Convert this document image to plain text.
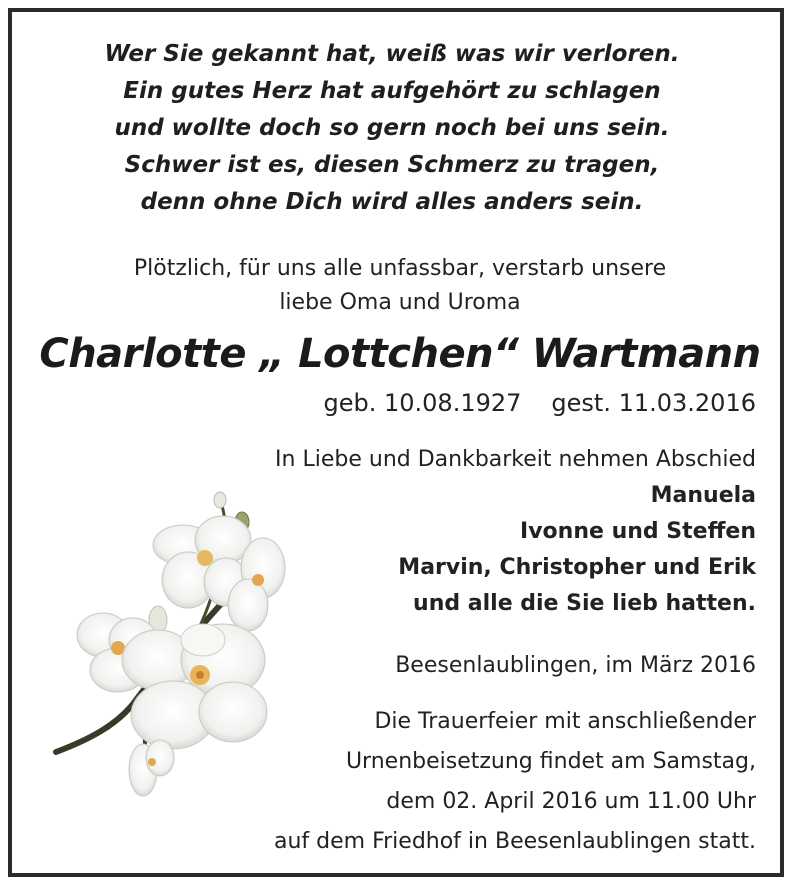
Wer Sie gekannt hat, weiß was wir verloren.
Ein gutes Herz hat aufgehört zu schlagen
und wollte doch so gern noch bei uns sein.
Schwer ist es, diesen Schmerz zu tragen,
denn ohne Dich wird alles anders sein.
Plötzlich, für uns alle unfassbar, verstarb unsere
liebe Oma und Uroma
Charlotte „ Lottchen“ Wartmann
geb. 10.08.1927 gest. 11.03.2016
In Liebe und Dankbarkeit nehmen Abschied
Manuela
Ivonne und Steffen
Marvin, Christopher und Erik
und alle die Sie lieb hatten.
Beesenlaublingen, im März 2016
Die Trauerfeier mit anschließender
Urnenbeisetzung findet am Samstag,
dem 02. April 2016 um 11.00 Uhr
auf dem Friedhof in Beesenlaublingen statt.
